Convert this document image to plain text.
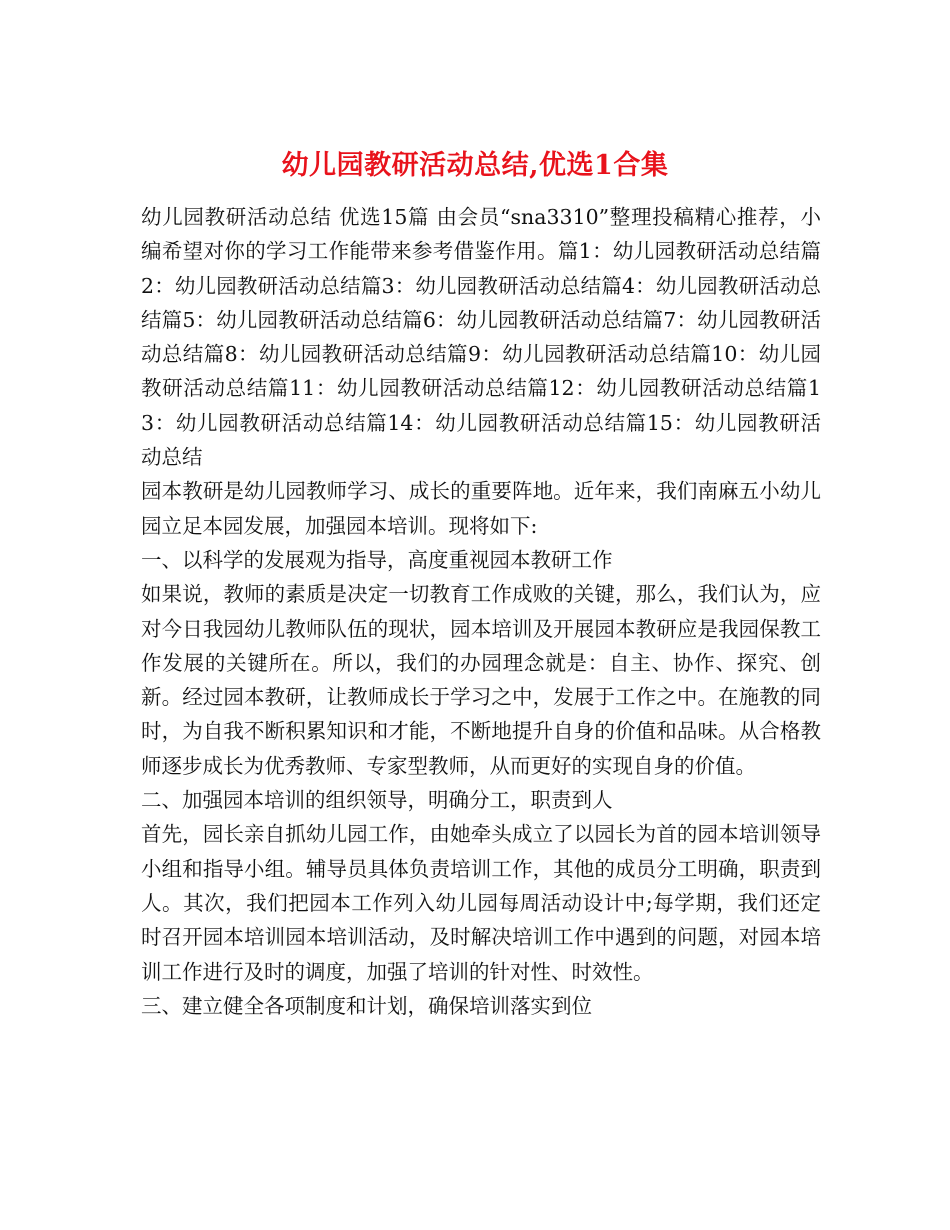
幼儿园教研活动总结,优选1合集

幼儿园教研活动总结 优选15篇 由会员“sna3310”整理投稿精心推荐，小编希望对你的学习工作能带来参考借鉴作用。篇1：幼儿园教研活动总结篇2：幼儿园教研活动总结篇3：幼儿园教研活动总结篇4：幼儿园教研活动总结篇5：幼儿园教研活动总结篇6：幼儿园教研活动总结篇7：幼儿园教研活动总结篇8：幼儿园教研活动总结篇9：幼儿园教研活动总结篇10：幼儿园教研活动总结篇11：幼儿园教研活动总结篇12：幼儿园教研活动总结篇13：幼儿园教研活动总结篇14：幼儿园教研活动总结篇15：幼儿园教研活动总结

园本教研是幼儿园教师学习、成长的重要阵地。近年来，我们南麻五小幼儿园立足本园发展，加强园本培训。现将如下:

一、以科学的发展观为指导，高度重视园本教研工作

如果说，教师的素质是决定一切教育工作成败的关键，那么，我们认为，应对今日我园幼儿教师队伍的现状，园本培训及开展园本教研应是我园保教工作发展的关键所在。所以，我们的办园理念就是：自主、协作、探究、创新。经过园本教研，让教师成长于学习之中，发展于工作之中。在施教的同时，为自我不断积累知识和才能，不断地提升自身的价值和品味。从合格教师逐步成长为优秀教师、专家型教师，从而更好的实现自身的价值。

二、加强园本培训的组织领导，明确分工，职责到人

首先，园长亲自抓幼儿园工作，由她牵头成立了以园长为首的园本培训领导小组和指导小组。辅导员具体负责培训工作，其他的成员分工明确，职责到人。其次，我们把园本工作列入幼儿园每周活动设计中;每学期，我们还定时召开园本培训园本培训活动，及时解决培训工作中遇到的问题，对园本培训工作进行及时的调度，加强了培训的针对性、时效性。

三、建立健全各项制度和计划，确保培训落实到位
